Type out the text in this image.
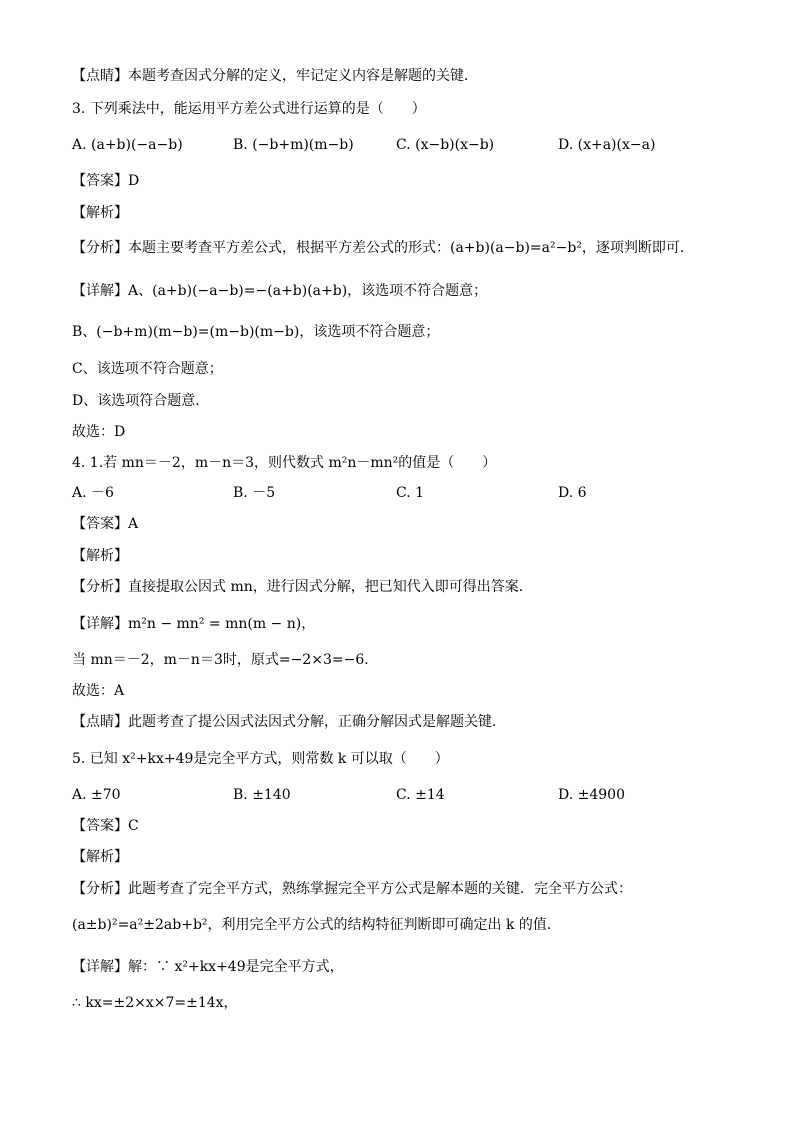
【点睛】本题考查因式分解的定义，牢记定义内容是解题的关键．
3. 下列乘法中，能运用平方差公式进行运算的是（　　）
A. (a+b)(−a−b)	B. (−b+m)(m−b)	C. (x−b)(x−b)	D. (x+a)(x−a)
【答案】D
【解析】
【分析】本题主要考查平方差公式，根据平方差公式的形式：(a+b)(a−b)=a²−b²，逐项判断即可．
【详解】A、(a+b)(−a−b)=−(a+b)(a+b)，该选项不符合题意；
B、(−b+m)(m−b)=(m−b)(m−b)，该选项不符合题意；
C、该选项不符合题意；
D、该选项符合题意．
故选：D
4. 1.若 mn＝－2，m－n＝3，则代数式 m²n－mn²的值是（　　）
A. －6	B. －5	C. 1	D. 6
【答案】A
【解析】
【分析】直接提取公因式 mn，进行因式分解，把已知代入即可得出答案．
【详解】m²n − mn² = mn(m − n)，
当 mn＝－2，m－n＝3时，原式=−2×3=−6．
故选：A
【点睛】此题考查了提公因式法因式分解，正确分解因式是解题关键．
5. 已知 x²+kx+49是完全平方式，则常数 k 可以取（　　）
A. ±70	B. ±140	C. ±14	D. ±4900
【答案】C
【解析】
【分析】此题考查了完全平方式，熟练掌握完全平方公式是解本题的关键．完全平方公式：
(a±b)²=a²±2ab+b²，利用完全平方公式的结构特征判断即可确定出 k 的值．
【详解】解：∵ x²+kx+49是完全平方式，
∴ kx=±2×x×7=±14x，
